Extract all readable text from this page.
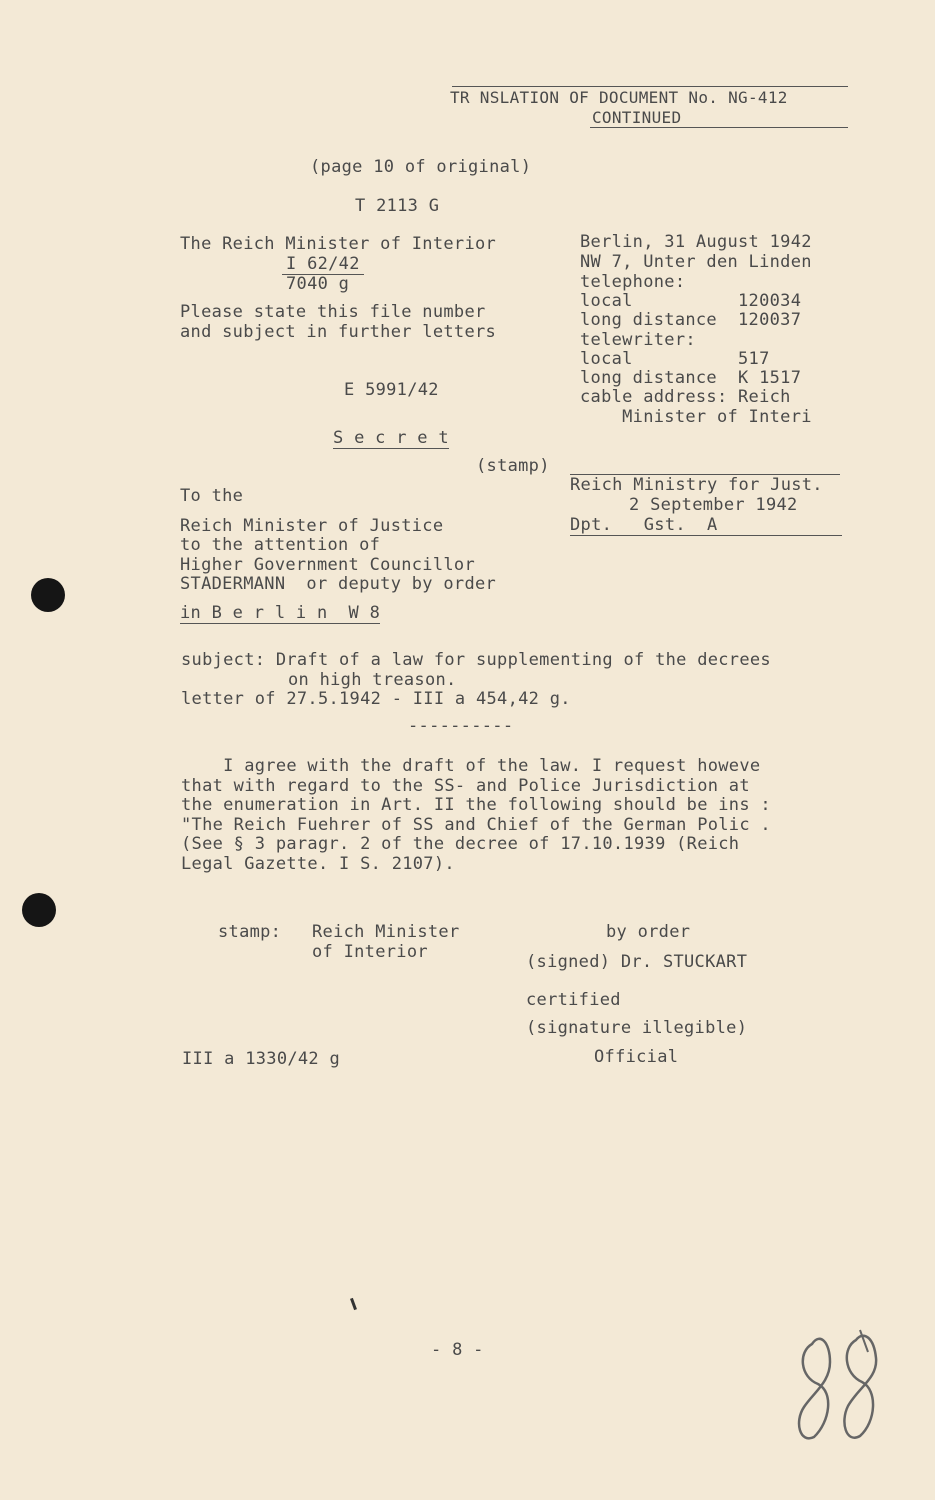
TR NSLATION OF DOCUMENT No. NG-412
CONTINUED
(page 10 of original)
T 2113 G
The Reich Minister of Interior
I 62/42
7040 g
Please state this file number
and subject in further letters
E 5991/42
Berlin, 31 August 1942
NW 7, Unter den Linden
telephone:
local          120034
long distance  120037
telewriter:
local          517
long distance  K 1517
cable address: Reich
Minister of Interi
S e c r e t
(stamp)
Reich Ministry for Just.
2 September 1942
Dpt.   Gst.  A
To the
Reich Minister of Justice
to the attention of
Higher Government Councillor
STADERMANN  or deputy by order
in B e r l i n  W 8
subject: Draft of a law for supplementing of the decrees
on high treason.
letter of 27.5.1942 - III a 454,42 g.
----------
I agree with the draft of the law. I request howeve
that with regard to the SS- and Police Jurisdiction at
the enumeration in Art. II the following should be ins :
"The Reich Fuehrer of SS and Chief of the German Polic .
(See § 3 paragr. 2 of the decree of 17.10.1939 (Reich
Legal Gazette. I S. 2107).
stamp: Reich Minister
of Interior
by order
(signed) Dr. STUCKART
certified
(signature illegible)
Official
III a 1330/42 g
- 8 -
